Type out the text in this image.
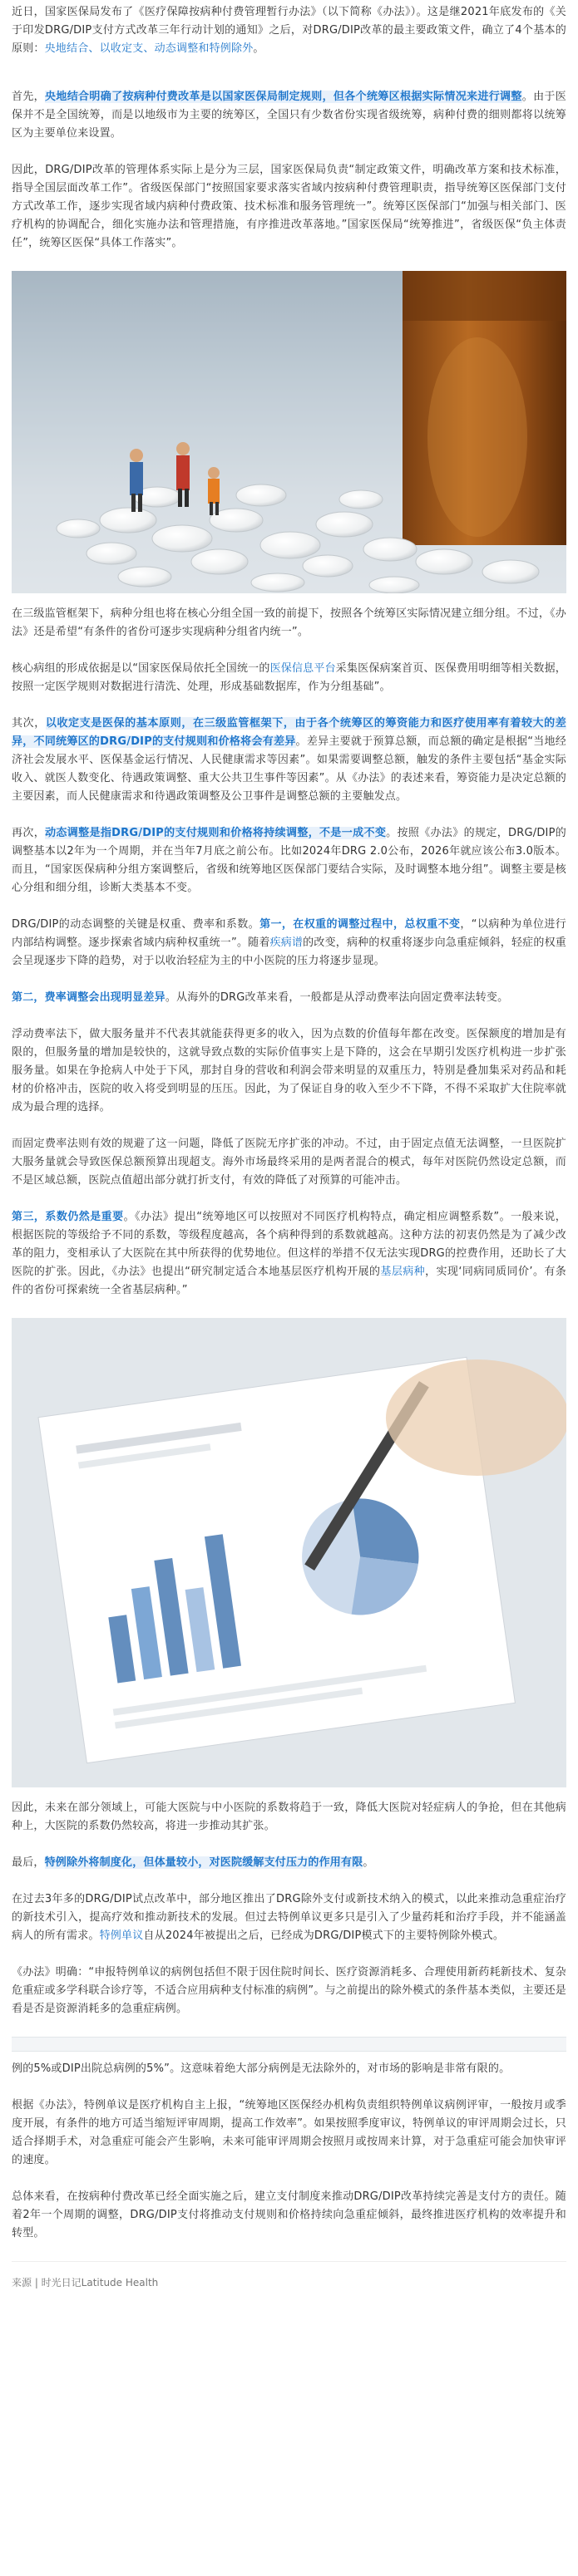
近日，国家医保局发布了《医疗保障按病种付费管理暂行办法》（以下简称《办法》）。这是继2021年底发布的《关于印发DRG/DIP支付方式改革三年行动计划的通知》之后，对DRG/DIP改革的最主要政策文件，确立了4个基本的原则：央地结合、以收定支、动态调整和特例除外。

首先，央地结合明确了按病种付费改革是以国家医保局制定规则，但各个统筹区根据实际情况来进行调整。由于医保并不是全国统筹，而是以地级市为主要的统筹区，全国只有少数省份实现省级统筹，病种付费的细则都将以统筹区为主要单位来设置。

因此，DRG/DIP改革的管理体系实际上是分为三层，国家医保局负责“制定政策文件，明确改革方案和技术标准，指导全国层面改革工作”。省级医保部门“按照国家要求落实省域内按病种付费管理职责，指导统筹区医保部门支付方式改革工作，逐步实现省域内病种付费政策、技术标准和服务管理统一”。统筹区医保部门“加强与相关部门、医疗机构的协调配合，细化实施办法和管理措施，有序推进改革落地。”国家医保局“统筹推进”，省级医保“负主体责任”，统筹区医保“具体工作落实”。

在三级监管框架下，病种分组也将在核心分组全国一致的前提下，按照各个统筹区实际情况建立细分组。不过，《办法》还是希望“有条件的省份可逐步实现病种分组省内统一”。

核心病组的形成依据是以“国家医保局依托全国统一的医保信息平台采集医保病案首页、医保费用明细等相关数据，按照一定医学规则对数据进行清洗、处理，形成基础数据库，作为分组基础”。

其次，以收定支是医保的基本原则，在三级监管框架下，由于各个统筹区的筹资能力和医疗使用率有着较大的差异，不同统筹区的DRG/DIP的支付规则和价格将会有差异。差异主要就于预算总额，而总额的确定是根据“当地经济社会发展水平、医保基金运行情况、人民健康需求等因素”。如果需要调整总额，触发的条件主要包括“基金实际收入、就医人数变化、待遇政策调整、重大公共卫生事件等因素”。从《办法》的表述来看，筹资能力是决定总额的主要因素，而人民健康需求和待遇政策调整及公卫事件是调整总额的主要触发点。

再次，动态调整是指DRG/DIP的支付规则和价格将持续调整，不是一成不变。按照《办法》的规定，DRG/DIP的调整基本以2年为一个周期，并在当年7月底之前公布。比如2024年DRG 2.0公布，2026年就应该公布3.0版本。而且，“国家医保病种分组方案调整后，省级和统筹地区医保部门要结合实际，及时调整本地分组”。调整主要是核心分组和细分组，诊断大类基本不变。

DRG/DIP的动态调整的关键是权重、费率和系数。第一，在权重的调整过程中，总权重不变，“以病种为单位进行内部结构调整。逐步探索省域内病种权重统一”。随着疾病谱的改变，病种的权重将逐步向急重症倾斜，轻症的权重会呈现逐步下降的趋势，对于以收治轻症为主的中小医院的压力将逐步显现。

第二，费率调整会出现明显差异。从海外的DRG改革来看，一般都是从浮动费率法向固定费率法转变。

浮动费率法下，做大服务量并不代表其就能获得更多的收入，因为点数的价值每年都在改变。医保额度的增加是有限的，但服务量的增加是较快的，这就导致点数的实际价值事实上是下降的，这会在早期引发医疗机构进一步扩张服务量。如果在争抢病人中处于下风，那封自身的营收和利润会带来明显的双重压力，特别是叠加集采对药品和耗材的价格冲击，医院的收入将受到明显的压压。因此，为了保证自身的收入至少不下降，不得不采取扩大住院率就成为最合理的选择。

而固定费率法则有效的规避了这一问题，降低了医院无序扩张的冲动。不过，由于固定点值无法调整，一旦医院扩大服务量就会导致医保总额预算出现超支。海外市场最终采用的是两者混合的模式，每年对医院仍然设定总额，而不是区域总额，医院点值超出部分就打折支付，有效的降低了对预算的可能冲击。

第三，系数仍然是重要。《办法》提出“统筹地区可以按照对不同医疗机构特点，确定相应调整系数”。一般来说，根据医院的等级给予不同的系数，等级程度越高，各个病种得到的系数就越高。这种方法的初衷仍然是为了减少改革的阻力，变相承认了大医院在其中所获得的优势地位。但这样的举措不仅无法实现DRG的控费作用，还助长了大医院的扩张。因此，《办法》也提出“研究制定适合本地基层医疗机构开展的基层病种，实现‘同病同质同价’。有条件的省份可探索统一全省基层病种。”

因此，未来在部分领域上，可能大医院与中小医院的系数将趋于一致，降低大医院对轻症病人的争抢，但在其他病种上，大医院的系数仍然较高，将进一步推动其扩张。

最后，特例除外将制度化，但体量较小，对医院缓解支付压力的作用有限。

在过去3年多的DRG/DIP试点改革中，部分地区推出了DRG除外支付或新技术纳入的模式，以此来推动急重症治疗的新技术引入，提高疗效和推动新技术的发展。但过去特例单议更多只是引入了少量药耗和治疗手段，并不能涵盖病人的所有需求。特例单议自从2024年被提出之后，已经成为DRG/DIP模式下的主要特例除外模式。

《办法》明确：“申报特例单议的病例包括但不限于因住院时间长、医疗资源消耗多、合理使用新药耗新技术、复杂危重症或多学科联合诊疗等，不适合应用病种支付标准的病例”。与之前提出的除外模式的条件基本类似，主要还是看是否是资源消耗多的急重症病例。

例的5%或DIP出院总病例的5%”。这意味着绝大部分病例是无法除外的，对市场的影响是非常有限的。

根据《办法》，特例单议是医疗机构自主上报，“统筹地区医保经办机构负责组织特例单议病例评审，一般按月或季度开展，有条件的地方可适当缩短评审周期，提高工作效率”。如果按照季度审议，特例单议的审评周期会过长，只适合择期手术，对急重症可能会产生影响，未来可能审评周期会按照月或按周来计算，对于急重症可能会加快审评的速度。

总体来看，在按病种付费改革已经全面实施之后，建立支付制度来推动DRG/DIP改革持续完善是支付方的责任。随着2年一个周期的调整，DRG/DIP支付将推动支付规则和价格持续向急重症倾斜，最终推进医疗机构的效率提升和转型。

来源 | 时光日记Latitude Health
